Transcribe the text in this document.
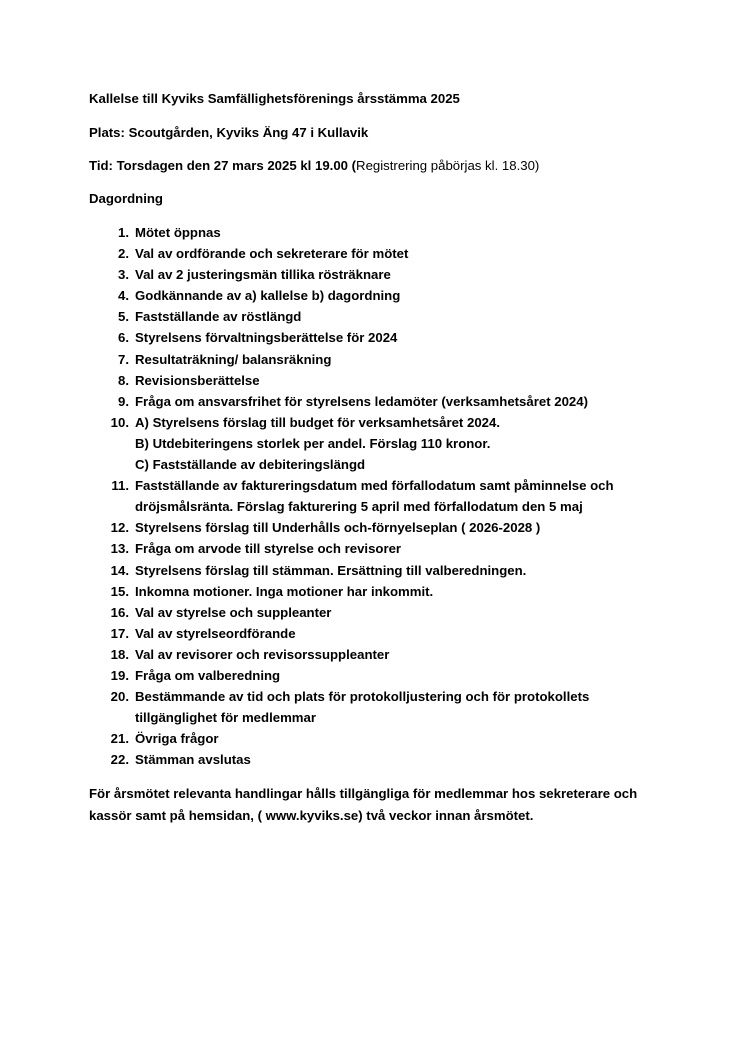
Kallelse till Kyviks Samfällighetsförenings årsstämma 2025
Plats: Scoutgården, Kyviks Äng 47 i Kullavik
Tid: Torsdagen den 27 mars 2025 kl 19.00 (Registrering påbörjas kl. 18.30)
Dagordning
1. Mötet öppnas
2. Val av ordförande och sekreterare för mötet
3. Val av 2 justeringsmän tillika rösträknare
4. Godkännande av a) kallelse b) dagordning
5. Fastställande av röstlängd
6. Styrelsens förvaltningsberättelse för 2024
7. Resultaträkning/ balansräkning
8. Revisionsberättelse
9. Fråga om ansvarsfrihet för styrelsens ledamöter (verksamhetsåret 2024)
10. A) Styrelsens förslag till budget för verksamhetsåret 2024.
B) Utdebiteringens storlek per andel. Förslag 110 kronor.
C) Fastställande av debiteringslängd
11. Fastställande av faktureringsdatum med förfallodatum samt påminnelse och
dröjsmålsränta. Förslag fakturering 5 april med förfallodatum den 5 maj
12. Styrelsens förslag till Underhålls och-förnyelseplan ( 2026-2028 )
13. Fråga om arvode till styrelse och revisorer
14. Styrelsens förslag till stämman. Ersättning till valberedningen.
15. Inkomna motioner. Inga motioner har inkommit.
16. Val av styrelse och suppleanter
17. Val av styrelseordförande
18. Val av revisorer och revisorssuppleanter
19. Fråga om valberedning
20. Bestämmande av tid och plats för protokolljustering och för protokollets
tillgänglighet för medlemmar
21. Övriga frågor
22. Stämman avslutas
För årsmötet relevanta handlingar hålls tillgängliga för medlemmar hos sekreterare och
kassör samt på hemsidan, ( www.kyviks.se) två veckor innan årsmötet.
